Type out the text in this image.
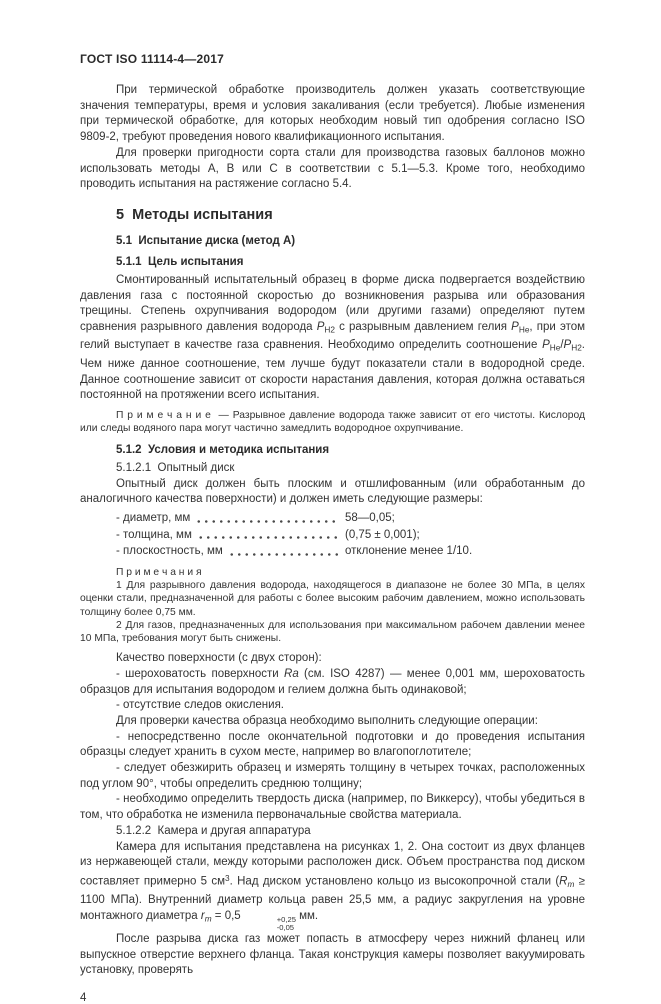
ГОСТ ISO 11114-4—2017
При термической обработке производитель должен указать соответствующие значения температуры, время и условия закаливания (если требуется). Любые изменения при термической обработке, для которых необходим новый тип одобрения согласно ISO 9809-2, требуют проведения нового квалификационного испытания.
Для проверки пригодности сорта стали для производства газовых баллонов можно использовать методы A, B или C в соответствии с 5.1—5.3. Кроме того, необходимо проводить испытания на растяжение согласно 5.4.
5  Методы испытания
5.1  Испытание диска (метод A)
5.1.1  Цель испытания
Смонтированный испытательный образец в форме диска подвергается воздействию давления газа с постоянной скоростью до возникновения разрыва или образования трещины. Степень охрупчивания водородом (или другими газами) определяют путем сравнения разрывного давления водорода $P_{H2}$ с разрывным давлением гелия $P_{He}$, при этом гелий выступает в качестве газа сравнения. Необходимо определить соотношение $P_{He}/P_{H2}$. Чем ниже данное соотношение, тем лучше будут показатели стали в водородной среде. Данное соотношение зависит от скорости нарастания давления, которая должна оставаться постоянной на протяжении всего испытания.
П р и м е ч а н и е  — Разрывное давление водорода также зависит от его чистоты. Кислород или следы водяного пара могут частично замедлить водородное охрупчивание.
5.1.2  Условия и методика испытания
5.1.2.1  Опытный диск
Опытный диск должен быть плоским и отшлифованным (или обработанным до аналогичного качества поверхности) и должен иметь следующие размеры:
- диаметр, мм	58—0,05;
- толщина, мм	(0,75 ± 0,001);
- плоскостность, мм	отклонение менее 1/10.
П р и м е ч а н и я
1 Для разрывного давления водорода, находящегося в диапазоне не более 30 МПа, в целях оценки стали, предназначенной для работы с более высоким рабочим давлением, можно использовать толщину более 0,75 мм.
2 Для газов, предназначенных для использования при максимальном рабочем давлении менее 10 МПа, требования могут быть снижены.
Качество поверхности (с двух сторон):
- шероховатость поверхности Ra (см. ISO 4287) — менее 0,001 мм, шероховатость образцов для испытания водородом и гелием должна быть одинаковой;
- отсутствие следов окисления.
Для проверки качества образца необходимо выполнить следующие операции:
- непосредственно после окончательной подготовки и до проведения испытания образцы следует хранить в сухом месте, например во влагопоглотителе;
- следует обезжирить образец и измерять толщину в четырех точках, расположенных под углом 90°, чтобы определить среднюю толщину;
- необходимо определить твердость диска (например, по Виккерсу), чтобы убедиться в том, что обработка не изменила первоначальные свойства материала.
5.1.2.2  Камера и другая аппаратура
Камера для испытания представлена на рисунках 1, 2. Она состоит из двух фланцев из нержавеющей стали, между которыми расположен диск. Объем пространства под диском составляет примерно 5 $см^3$. Над диском установлено кольцо из высокопрочной стали ($R_m \ge 1100$ МПа). Внутренний диаметр кольца равен 25,5 мм, а радиус закругления на уровне монтажного диаметра $r_m = 0,5$	+0,25
-0,05
мм.
После разрыва диска газ может попасть в атмосферу через нижний фланец или выпускное отверстие верхнего фланца. Такая конструкция камеры позволяет вакуумировать установку, проверять
4
